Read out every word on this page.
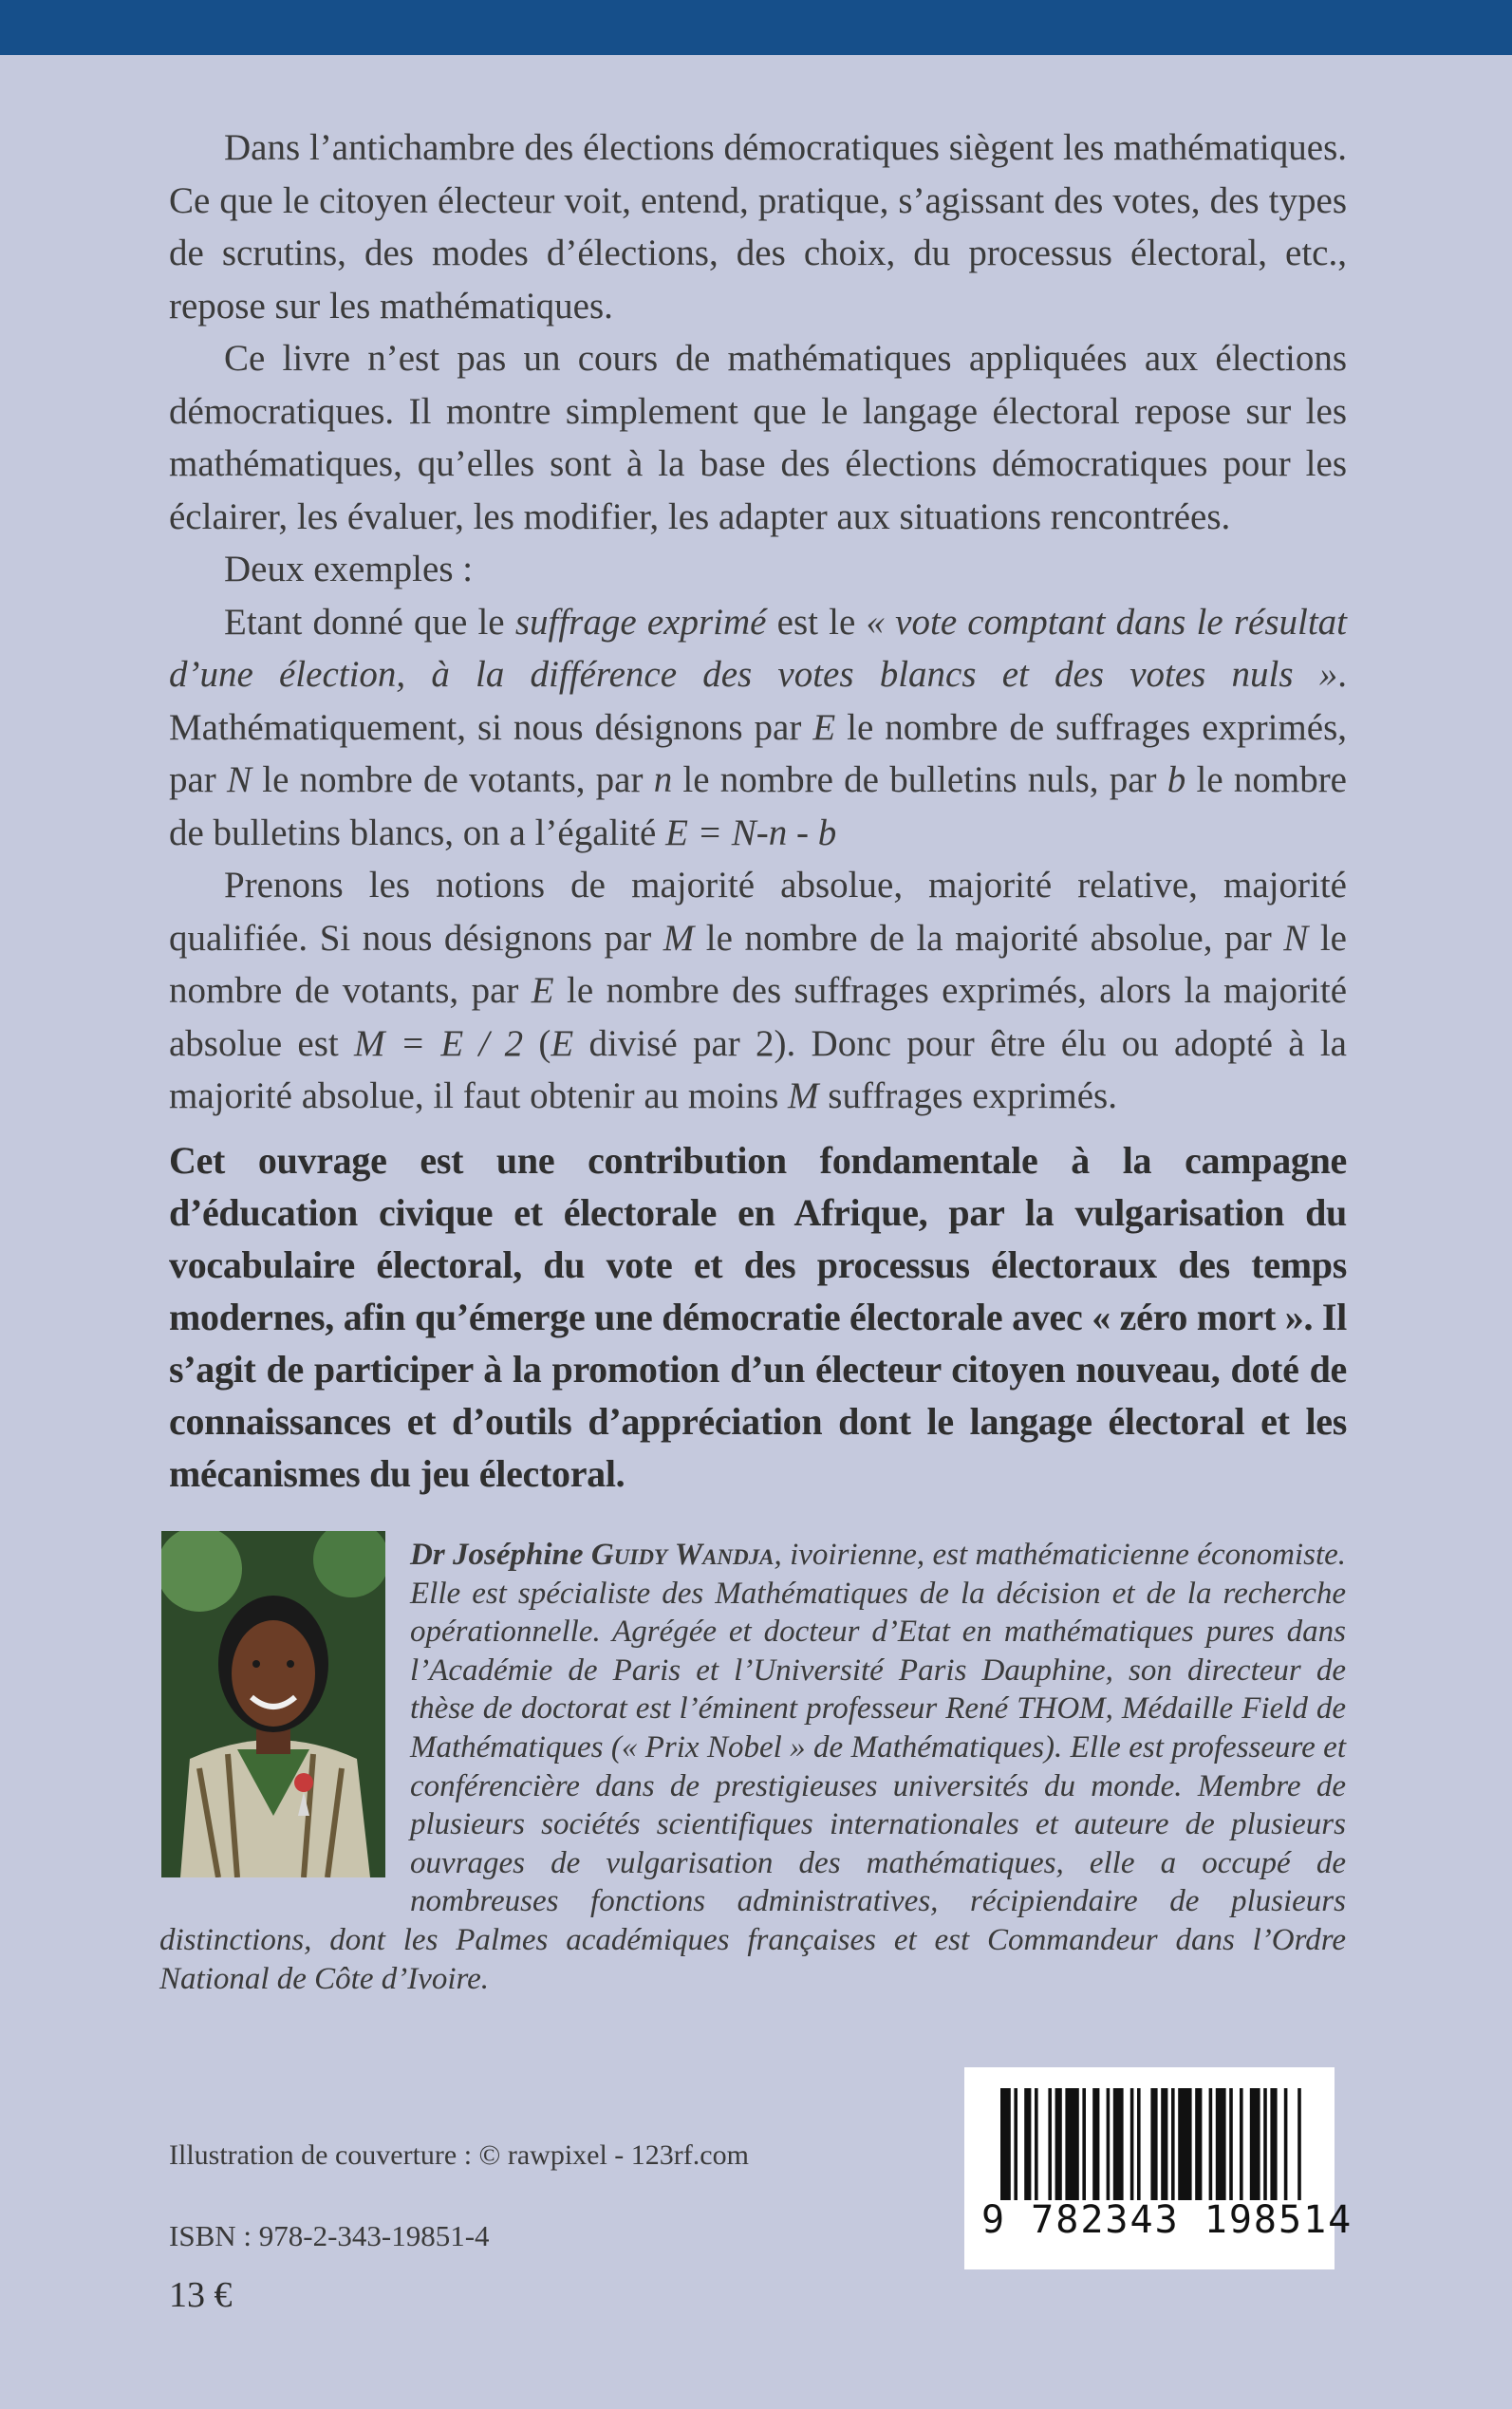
Dans l’antichambre des élections démocratiques siègent les mathématiques. Ce que le citoyen électeur voit, entend, pratique, s’agissant des votes, des types de scrutins, des modes d’élections, des choix, du processus électoral, etc., repose sur les mathématiques.

Ce livre n’est pas un cours de mathématiques appliquées aux élections démocratiques. Il montre simplement que le langage électoral repose sur les mathématiques, qu’elles sont à la base des élections démocratiques pour les éclairer, les évaluer, les modifier, les adapter aux situations rencontrées.

Deux exemples :

Etant donné que le suffrage exprimé est le « vote comptant dans le résultat d’une élection, à la différence des votes blancs et des votes nuls ». Mathématiquement, si nous désignons par E le nombre de suffrages exprimés, par N le nombre de votants, par n le nombre de bulletins nuls, par b le nombre de bulletins blancs, on a l’égalité E = N-n - b

Prenons les notions de majorité absolue, majorité relative, majorité qualifiée. Si nous désignons par M le nombre de la majorité absolue, par N le nombre de votants, par E le nombre des suffrages exprimés, alors la majorité absolue est M = E / 2 (E divisé par 2). Donc pour être élu ou adopté à la majorité absolue, il faut obtenir au moins M suffrages exprimés.

Cet ouvrage est une contribution fondamentale à la campagne d’éducation civique et électorale en Afrique, par la vulgarisation du vocabulaire électoral, du vote et des processus électoraux des temps modernes, afin qu’émerge une démocratie électorale avec « zéro mort ». Il s’agit de participer à la promotion d’un électeur citoyen nouveau, doté de connaissances et d’outils d’appréciation dont le langage électoral et les mécanismes du jeu électoral.

Dr Joséphine Guidy Wandja, ivoirienne, est mathématicienne économiste. Elle est spécialiste des Mathématiques de la décision et de la recherche opérationnelle. Agrégée et docteur d’Etat en mathématiques pures dans l’Académie de Paris et l’Université Paris Dauphine, son directeur de thèse de doctorat est l’éminent professeur René THOM, Médaille Field de Mathématiques (« Prix Nobel » de Mathématiques). Elle est professeure et conférencière dans de prestigieuses universités du monde. Membre de plusieurs sociétés scientifiques internationales et auteure de plusieurs ouvrages de vulgarisation des mathématiques, elle a occupé de nombreuses fonctions administratives, récipiendaire de plusieurs distinctions, dont les Palmes académiques françaises et est Commandeur dans l’Ordre National de Côte d’Ivoire.

Illustration de couverture : © rawpixel - 123rf.com
ISBN : 978-2-343-19851-4
13 €
9 782343 198514
